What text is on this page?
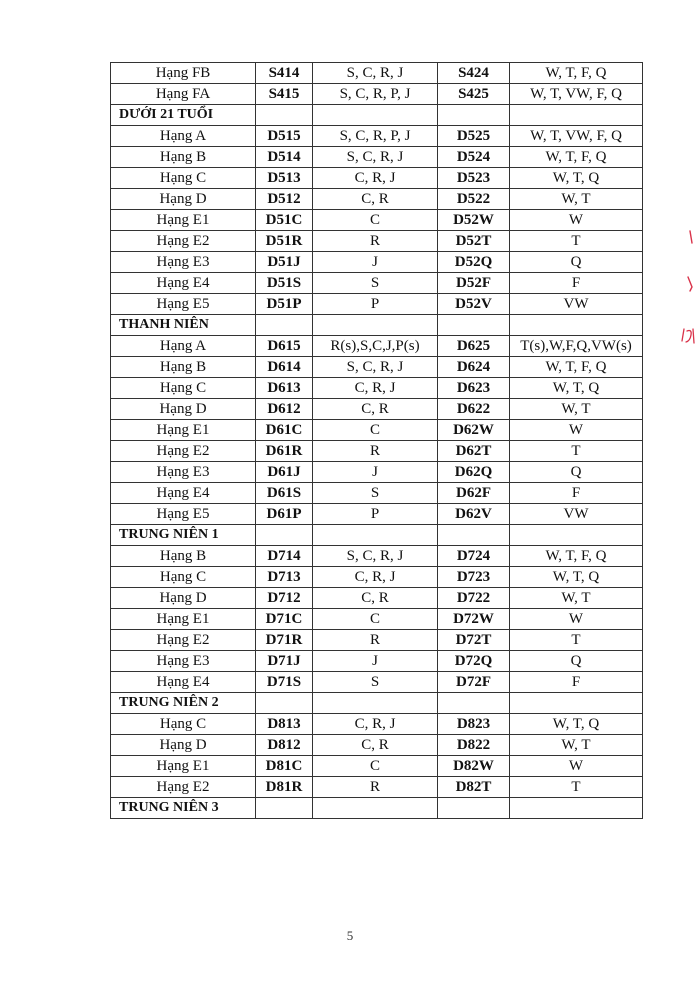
Hạng FB	S414	S, C, R, J	S424	W, T, F, Q
Hạng FA	S415	S, C, R, P, J	S425	W, T, VW, F, Q
DƯỚI 21 TUỔI				
Hạng A	D515	S, C, R, P, J	D525	W, T, VW, F, Q
Hạng B	D514	S, C, R, J	D524	W, T, F, Q
Hạng C	D513	C, R, J	D523	W, T, Q
Hạng D	D512	C, R	D522	W, T
Hạng E1	D51C	C	D52W	W
Hạng E2	D51R	R	D52T	T
Hạng E3	D51J	J	D52Q	Q
Hạng E4	D51S	S	D52F	F
Hạng E5	D51P	P	D52V	VW
THANH NIÊN				
Hạng A	D615	R(s),S,C,J,P(s)	D625	T(s),W,F,Q,VW(s)
Hạng B	D614	S, C, R, J	D624	W, T, F, Q
Hạng C	D613	C, R, J	D623	W, T, Q
Hạng D	D612	C, R	D622	W, T
Hạng E1	D61C	C	D62W	W
Hạng E2	D61R	R	D62T	T
Hạng E3	D61J	J	D62Q	Q
Hạng E4	D61S	S	D62F	F
Hạng E5	D61P	P	D62V	VW
TRUNG NIÊN 1				
Hạng B	D714	S, C, R, J	D724	W, T, F, Q
Hạng C	D713	C, R, J	D723	W, T, Q
Hạng D	D712	C, R	D722	W, T
Hạng E1	D71C	C	D72W	W
Hạng E2	D71R	R	D72T	T
Hạng E3	D71J	J	D72Q	Q
Hạng E4	D71S	S	D72F	F
TRUNG NIÊN 2				
Hạng C	D813	C, R, J	D823	W, T, Q
Hạng D	D812	C, R	D822	W, T
Hạng E1	D81C	C	D82W	W
Hạng E2	D81R	R	D82T	T
TRUNG NIÊN 3				
5
